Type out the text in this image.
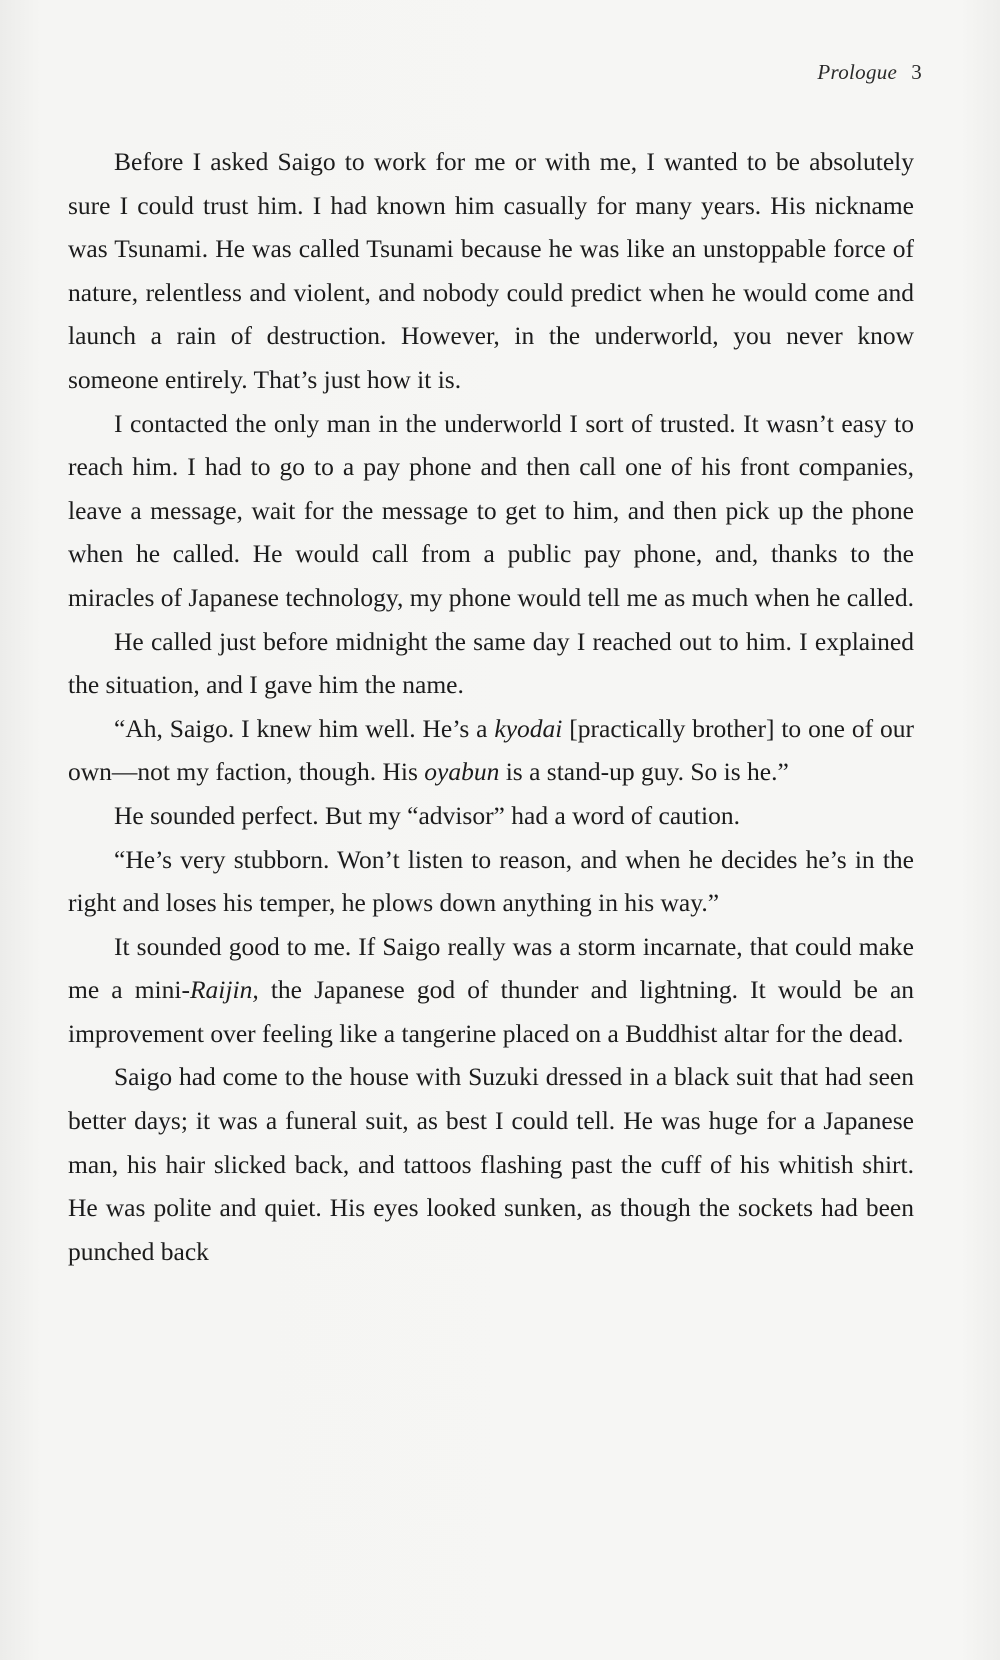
Prologue 3

Before I asked Saigo to work for me or with me, I wanted to be absolutely sure I could trust him. I had known him casually for many years. His nickname was Tsunami. He was called Tsunami because he was like an unstoppable force of nature, relentless and violent, and nobody could predict when he would come and launch a rain of destruction. However, in the underworld, you never know someone entirely. That’s just how it is.

I contacted the only man in the underworld I sort of trusted. It wasn’t easy to reach him. I had to go to a pay phone and then call one of his front companies, leave a message, wait for the message to get to him, and then pick up the phone when he called. He would call from a public pay phone, and, thanks to the miracles of Japanese technology, my phone would tell me as much when he called.

He called just before midnight the same day I reached out to him. I explained the situation, and I gave him the name.

“Ah, Saigo. I knew him well. He’s a kyodai [practically brother] to one of our own—not my faction, though. His oyabun is a stand-up guy. So is he.”

He sounded perfect. But my “advisor” had a word of caution.

“He’s very stubborn. Won’t listen to reason, and when he decides he’s in the right and loses his temper, he plows down anything in his way.”

It sounded good to me. If Saigo really was a storm incarnate, that could make me a mini-Raijin, the Japanese god of thunder and lightning. It would be an improvement over feeling like a tangerine placed on a Buddhist altar for the dead.

Saigo had come to the house with Suzuki dressed in a black suit that had seen better days; it was a funeral suit, as best I could tell. He was huge for a Japanese man, his hair slicked back, and tattoos flashing past the cuff of his whitish shirt. He was polite and quiet. His eyes looked sunken, as though the sockets had been punched back
